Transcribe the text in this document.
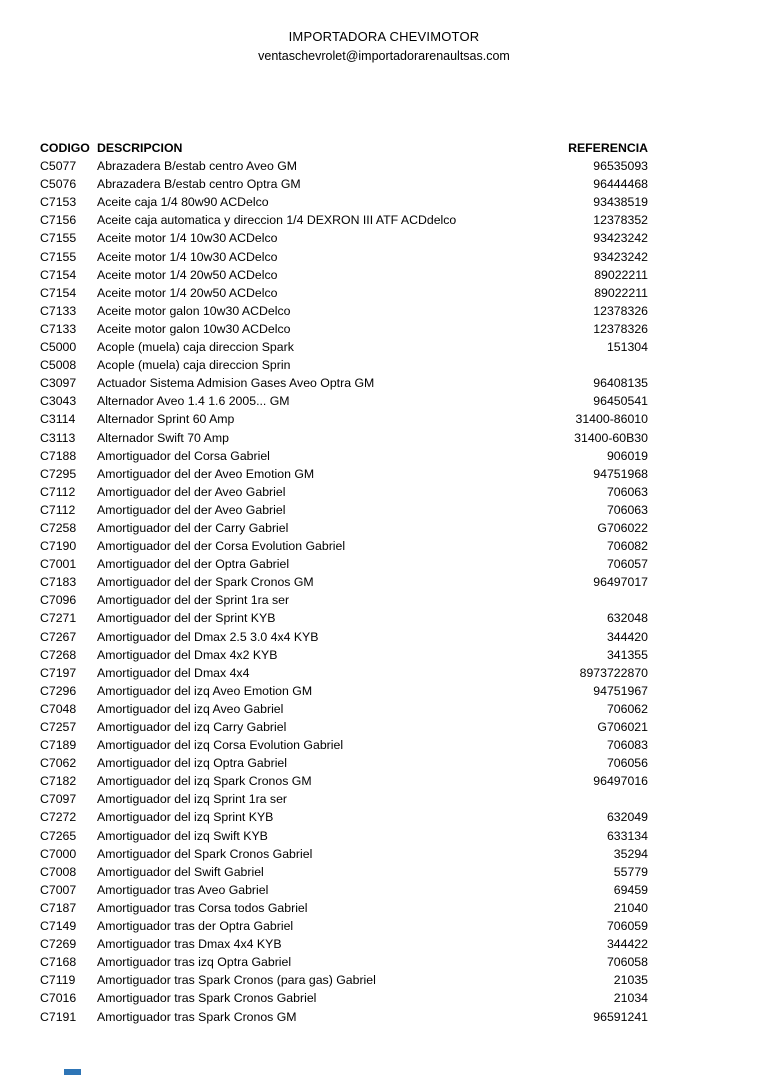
IMPORTADORA CHEVIMOTOR
ventaschevrolet@importadorarenaultsas.com
CODIGO	DESCRIPCION	REFERENCIA
C5077	Abrazadera B/estab centro Aveo GM	96535093
C5076	Abrazadera B/estab centro Optra GM	96444468
C7153	Aceite caja 1/4 80w90 ACDelco	93438519
C7156	Aceite caja automatica y direccion 1/4 DEXRON III ATF ACDdelco	12378352
C7155	Aceite motor 1/4 10w30 ACDelco	93423242
C7155	Aceite motor 1/4 10w30 ACDelco	93423242
C7154	Aceite motor 1/4 20w50 ACDelco	89022211
C7154	Aceite motor 1/4 20w50 ACDelco	89022211
C7133	Aceite motor galon 10w30 ACDelco	12378326
C7133	Aceite motor galon 10w30 ACDelco	12378326
C5000	Acople (muela) caja direccion Spark	151304
C5008	Acople (muela) caja direccion Sprin	
C3097	Actuador Sistema Admision Gases Aveo Optra GM	96408135
C3043	Alternador Aveo 1.4 1.6 2005... GM	96450541
C3114	Alternador Sprint 60 Amp	31400-86010
C3113	Alternador Swift 70 Amp	31400-60B30
C7188	Amortiguador del Corsa Gabriel	906019
C7295	Amortiguador del der Aveo Emotion GM	94751968
C7112	Amortiguador del der Aveo Gabriel	706063
C7112	Amortiguador del der Aveo Gabriel	706063
C7258	Amortiguador del der Carry Gabriel	G706022
C7190	Amortiguador del der Corsa Evolution Gabriel	706082
C7001	Amortiguador del der Optra Gabriel	706057
C7183	Amortiguador del der Spark Cronos GM	96497017
C7096	Amortiguador del der Sprint 1ra ser	
C7271	Amortiguador del der Sprint KYB	632048
C7267	Amortiguador del Dmax 2.5 3.0 4x4 KYB	344420
C7268	Amortiguador del Dmax 4x2 KYB	341355
C7197	Amortiguador del Dmax 4x4	8973722870
C7296	Amortiguador del izq Aveo Emotion GM	94751967
C7048	Amortiguador del izq Aveo Gabriel	706062
C7257	Amortiguador del izq Carry Gabriel	G706021
C7189	Amortiguador del izq Corsa Evolution Gabriel	706083
C7062	Amortiguador del izq Optra Gabriel	706056
C7182	Amortiguador del izq Spark Cronos GM	96497016
C7097	Amortiguador del izq Sprint 1ra ser	
C7272	Amortiguador del izq Sprint KYB	632049
C7265	Amortiguador del izq Swift KYB	633134
C7000	Amortiguador del Spark Cronos Gabriel	35294
C7008	Amortiguador del Swift Gabriel	55779
C7007	Amortiguador tras Aveo Gabriel	69459
C7187	Amortiguador tras Corsa todos Gabriel	21040
C7149	Amortiguador tras der Optra Gabriel	706059
C7269	Amortiguador tras Dmax 4x4 KYB	344422
C7168	Amortiguador tras izq Optra Gabriel	706058
C7119	Amortiguador tras Spark Cronos (para gas) Gabriel	21035
C7016	Amortiguador tras Spark Cronos Gabriel	21034
C7191	Amortiguador tras Spark Cronos GM	96591241
